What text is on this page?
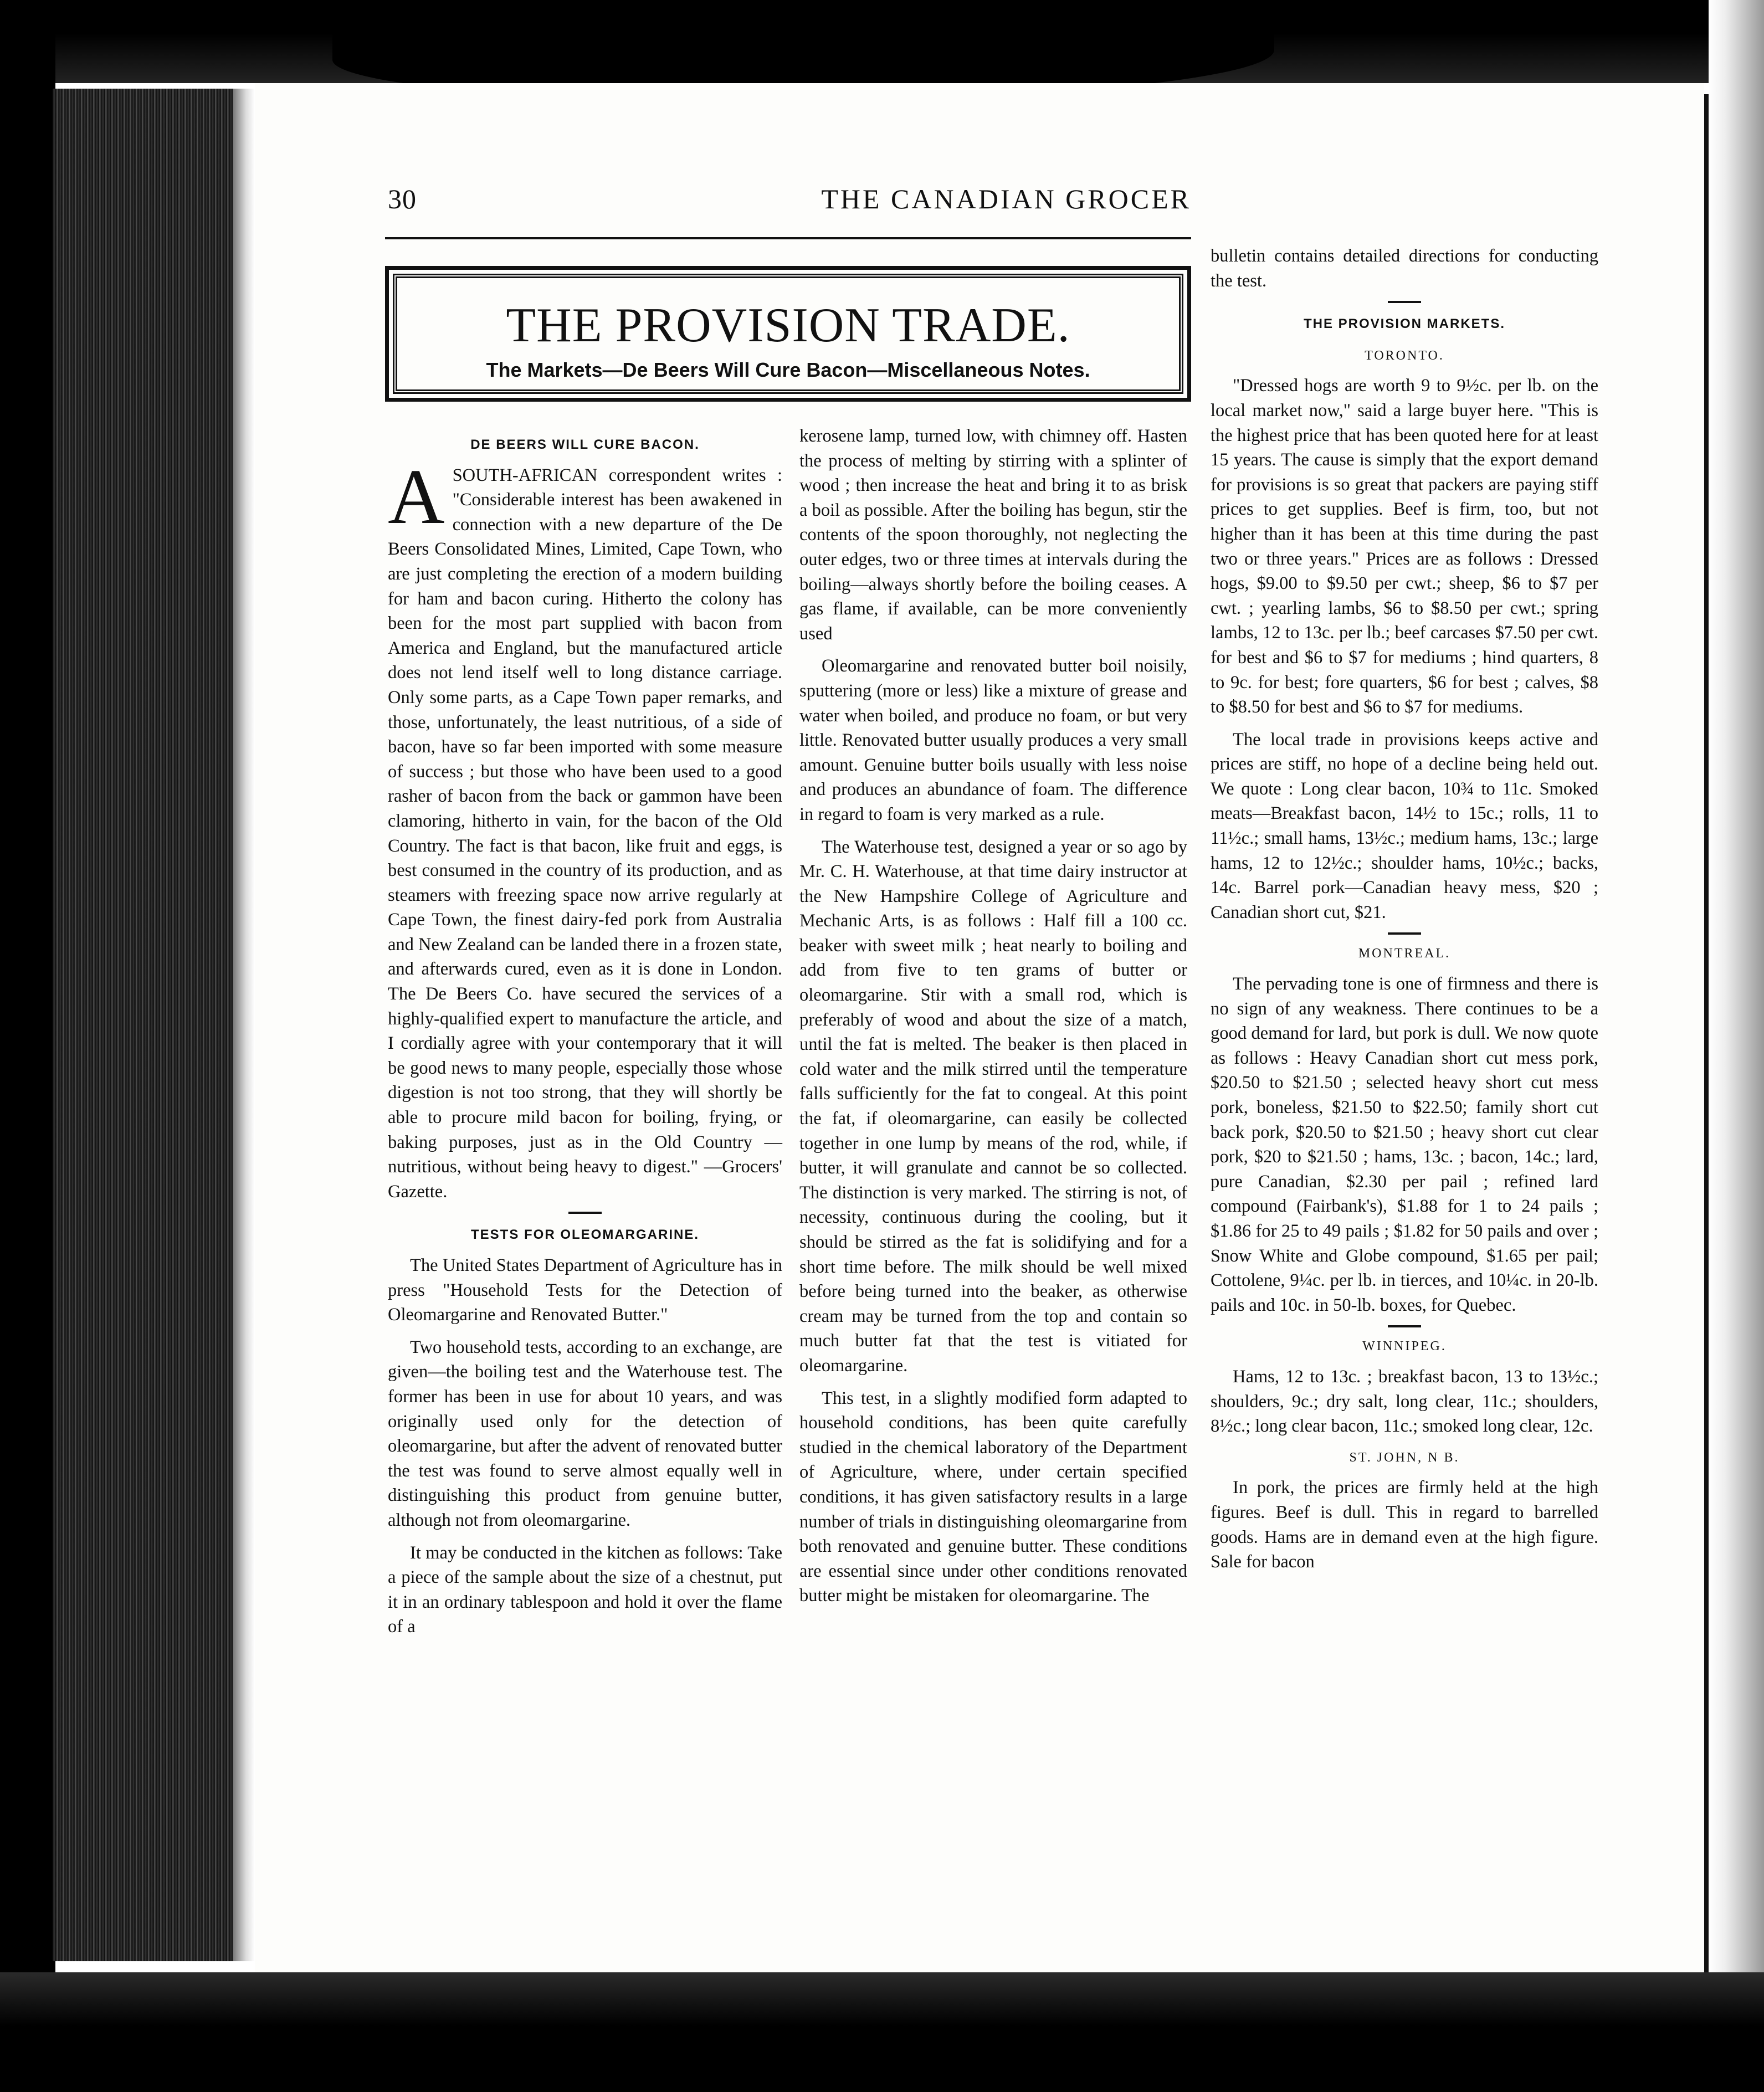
30	THE CANADIAN GROCER
THE PROVISION TRADE.
The Markets—De Beers Will Cure Bacon—Miscellaneous Notes.
DE BEERS WILL CURE BACON.

ASOUTH-AFRICAN correspondent writes : "Considerable interest has been awakened in connection with a new departure of the De Beers Consolidated Mines, Limited, Cape Town, who are just completing the erection of a modern building for ham and bacon curing. Hitherto the colony has been for the most part supplied with bacon from America and England, but the manufactured article does not lend itself well to long distance carriage. Only some parts, as a Cape Town paper remarks, and those, unfortunately, the least nutritious, of a side of bacon, have so far been imported with some measure of success ; but those who have been used to a good rasher of bacon from the back or gammon have been clamoring, hitherto in vain, for the bacon of the Old Country. The fact is that bacon, like fruit and eggs, is best consumed in the country of its production, and as steamers with freezing space now arrive regularly at Cape Town, the finest dairy-fed pork from Australia and New Zealand can be landed there in a frozen state, and afterwards cured, even as it is done in London. The De Beers Co. have secured the services of a highly-qualified expert to manufacture the article, and I cordially agree with your contemporary that it will be good news to many people, especially those whose digestion is not too strong, that they will shortly be able to procure mild bacon for boiling, frying, or baking purposes, just as in the Old Country —nutritious, without being heavy to digest." —Grocers' Gazette.

TESTS FOR OLEOMARGARINE.

The United States Department of Agriculture has in press "Household Tests for the Detection of Oleomargarine and Renovated Butter."

Two household tests, according to an exchange, are given—the boiling test and the Waterhouse test. The former has been in use for about 10 years, and was originally used only for the detection of oleomargarine, but after the advent of renovated butter the test was found to serve almost equally well in distinguishing this product from genuine butter, although not from oleomargarine.

It may be conducted in the kitchen as follows: Take a piece of the sample about the size of a chestnut, put it in an ordinary tablespoon and hold it over the flame of a

kerosene lamp, turned low, with chimney off. Hasten the process of melting by stirring with a splinter of wood ; then increase the heat and bring it to as brisk a boil as possible. After the boiling has begun, stir the contents of the spoon thoroughly, not neglecting the outer edges, two or three times at intervals during the boiling—always shortly before the boiling ceases. A gas flame, if available, can be more conveniently used

Oleomargarine and renovated butter boil noisily, sputtering (more or less) like a mixture of grease and water when boiled, and produce no foam, or but very little. Renovated butter usually produces a very small amount. Genuine butter boils usually with less noise and produces an abundance of foam. The difference in regard to foam is very marked as a rule.

The Waterhouse test, designed a year or so ago by Mr. C. H. Waterhouse, at that time dairy instructor at the New Hampshire College of Agriculture and Mechanic Arts, is as follows : Half fill a 100 cc. beaker with sweet milk ; heat nearly to boiling and add from five to ten grams of butter or oleomargarine. Stir with a small rod, which is preferably of wood and about the size of a match, until the fat is melted. The beaker is then placed in cold water and the milk stirred until the temperature falls sufficiently for the fat to congeal. At this point the fat, if oleomargarine, can easily be collected together in one lump by means of the rod, while, if butter, it will granulate and cannot be so collected. The distinction is very marked. The stirring is not, of necessity, continuous during the cooling, but it should be stirred as the fat is solidifying and for a short time before. The milk should be well mixed before being turned into the beaker, as otherwise cream may be turned from the top and contain so much butter fat that the test is vitiated for oleomargarine.

This test, in a slightly modified form adapted to household conditions, has been quite carefully studied in the chemical laboratory of the Department of Agriculture, where, under certain specified conditions, it has given satisfactory results in a large number of trials in distinguishing oleomargarine from both renovated and genuine butter. These conditions are essential since under other conditions renovated butter might be mistaken for oleomargarine. The

bulletin contains detailed directions for conducting the test.

THE PROVISION MARKETS.
TORONTO.

"Dressed hogs are worth 9 to 9½c. per lb. on the local market now," said a large buyer here. "This is the highest price that has been quoted here for at least 15 years. The cause is simply that the export demand for provisions is so great that packers are paying stiff prices to get supplies. Beef is firm, too, but not higher than it has been at this time during the past two or three years." Prices are as follows : Dressed hogs, $9.00 to $9.50 per cwt.; sheep, $6 to $7 per cwt. ; yearling lambs, $6 to $8.50 per cwt.; spring lambs, 12 to 13c. per lb.; beef carcases $7.50 per cwt. for best and $6 to $7 for mediums ; hind quarters, 8 to 9c. for best; fore quarters, $6 for best ; calves, $8 to $8.50 for best and $6 to $7 for mediums.

The local trade in provisions keeps active and prices are stiff, no hope of a decline being held out. We quote : Long clear bacon, 10¾ to 11c. Smoked meats—Breakfast bacon, 14½ to 15c.; rolls, 11 to 11½c.; small hams, 13½c.; medium hams, 13c.; large hams, 12 to 12½c.; shoulder hams, 10½c.; backs, 14c. Barrel pork—Canadian heavy mess, $20 ; Canadian short cut, $21.

MONTREAL.

The pervading tone is one of firmness and there is no sign of any weakness. There continues to be a good demand for lard, but pork is dull. We now quote as follows : Heavy Canadian short cut mess pork, $20.50 to $21.50 ; selected heavy short cut mess pork, boneless, $21.50 to $22.50; family short cut back pork, $20.50 to $21.50 ; heavy short cut clear pork, $20 to $21.50 ; hams, 13c. ; bacon, 14c.; lard, pure Canadian, $2.30 per pail ; refined lard compound (Fairbank's), $1.88 for 1 to 24 pails ; $1.86 for 25 to 49 pails ; $1.82 for 50 pails and over ; Snow White and Globe compound, $1.65 per pail; Cottolene, 9¼c. per lb. in tierces, and 10¼c. in 20-lb. pails and 10c. in 50-lb. boxes, for Quebec.

WINNIPEG.

Hams, 12 to 13c. ; breakfast bacon, 13 to 13½c.; shoulders, 9c.; dry salt, long clear, 11c.; shoulders, 8½c.; long clear bacon, 11c.; smoked long clear, 12c.

ST. JOHN, N B.

In pork, the prices are firmly held at the high figures. Beef is dull. This in regard to barrelled goods. Hams are in demand even at the high figure. Sale for bacon
